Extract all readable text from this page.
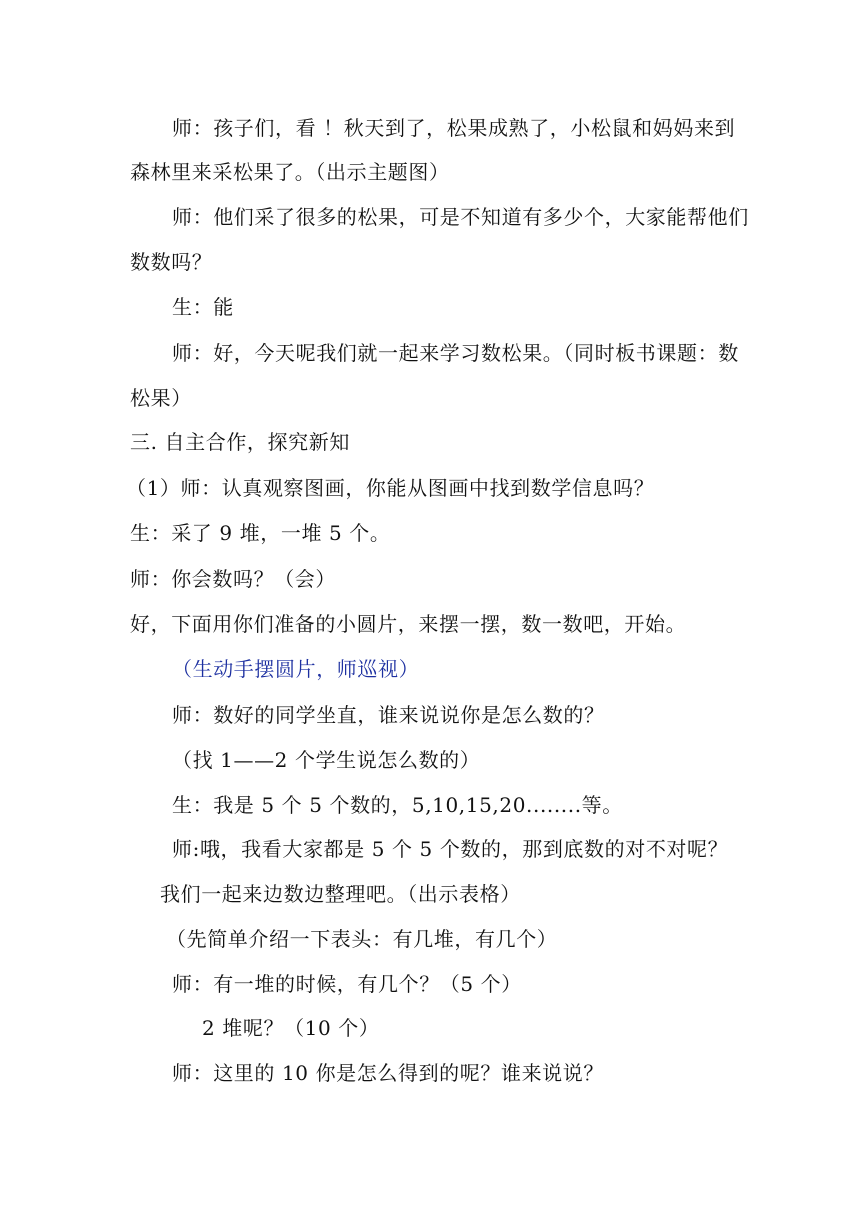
师：孩子们，看 ！秋天到了，松果成熟了，小松鼠和妈妈来到
森林里来采松果了。（出示主题图）
师：他们采了很多的松果，可是不知道有多少个，大家能帮他们
数数吗？
生：能
师：好，今天呢我们就一起来学习数松果。（同时板书课题：数
松果）
三. 自主合作，探究新知
（1）师：认真观察图画，你能从图画中找到数学信息吗？
生：采了 9 堆，一堆 5 个。
师：你会数吗？（会）
好，下面用你们准备的小圆片，来摆一摆，数一数吧，开始。
（生动手摆圆片，师巡视）
师：数好的同学坐直，谁来说说你是怎么数的？
（找 1——2 个学生说怎么数的）
生：我是 5 个 5 个数的，5,10,15,20........等。
师:哦，我看大家都是 5 个 5 个数的，那到底数的对不对呢？
我们一起来边数边整理吧。（出示表格）
（先简单介绍一下表头：有几堆，有几个）
师：有一堆的时候，有几个？（5 个）
2 堆呢？（10 个）
师：这里的 10 你是怎么得到的呢？谁来说说？
